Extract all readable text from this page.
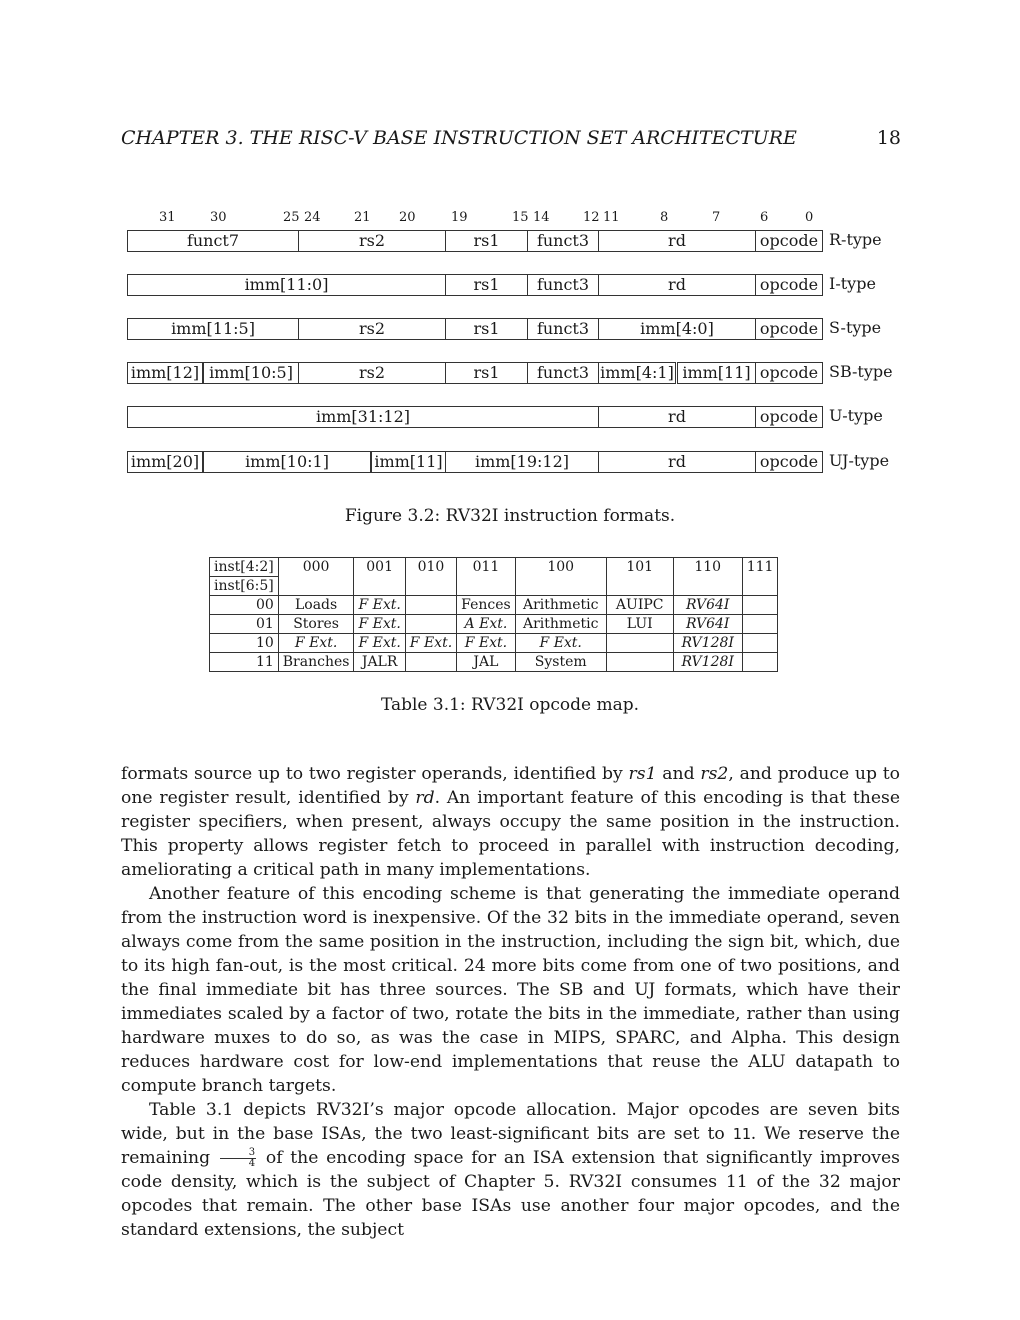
CHAPTER 3. THE RISC-V BASE INSTRUCTION SET ARCHITECTURE	18
31	30	25 24	21 20	19	15 14	12 11	8	7	6	0
funct7	rs2	rs1	funct3	rd	opcode R-type
imm[11:0]	rs1	funct3	rd	opcode I-type
imm[11:5]	rs2	rs1	funct3	imm[4:0]	opcode S-type
imm[12] imm[10:5]	rs2	rs1	funct3 imm[4:1] imm[11] opcode SB-type
imm[31:12]	rd	opcode U-type
imm[20]	imm[10:1]	imm[11]	imm[19:12]	rd	opcode UJ-type
Figure 3.2: RV32I instruction formats.
inst[4:2]	000	001	010	011	100	101	110	111
inst[6:5]								
00	Loads	F Ext.		Fences	Arithmetic	AUIPC	RV64I	
01	Stores	F Ext.		A Ext.	Arithmetic	LUI	RV64I	
10	F Ext.	F Ext.	F Ext.	F Ext.	F Ext.		RV128I	
11	Branches	JALR		JAL	System		RV128I	
Table 3.1: RV32I opcode map.

formats source up to two register operands, identified by rs1 and rs2, and produce up to one register result, identified by rd. An important feature of this encoding is that these register specifiers, when present, always occupy the same position in the instruction. This property allows register fetch to proceed in parallel with instruction decoding, ameliorating a critical path in many implementations.

Another feature of this encoding scheme is that generating the immediate operand from the instruction word is inexpensive. Of the 32 bits in the immediate operand, seven always come from the same position in the instruction, including the sign bit, which, due to its high fan-out, is the most critical. 24 more bits come from one of two positions, and the final immediate bit has three sources. The SB and UJ formats, which have their immediates scaled by a factor of two, rotate the bits in the immediate, rather than using hardware muxes to do so, as was the case in MIPS, SPARC, and Alpha. This design reduces hardware cost for low-end implementations that reuse the ALU datapath to compute branch targets.

Table 3.1 depicts RV32I’s major opcode allocation. Major opcodes are seven bits wide, but in the base ISAs, the two least-significant bits are set to 11. We reserve the remaining $\frac{3}{4}$ of the encoding space for an ISA extension that significantly improves code density, which is the subject of Chapter 5. RV32I consumes 11 of the 32 major opcodes that remain. The other base ISAs use another four major opcodes, and the standard extensions, the subject
